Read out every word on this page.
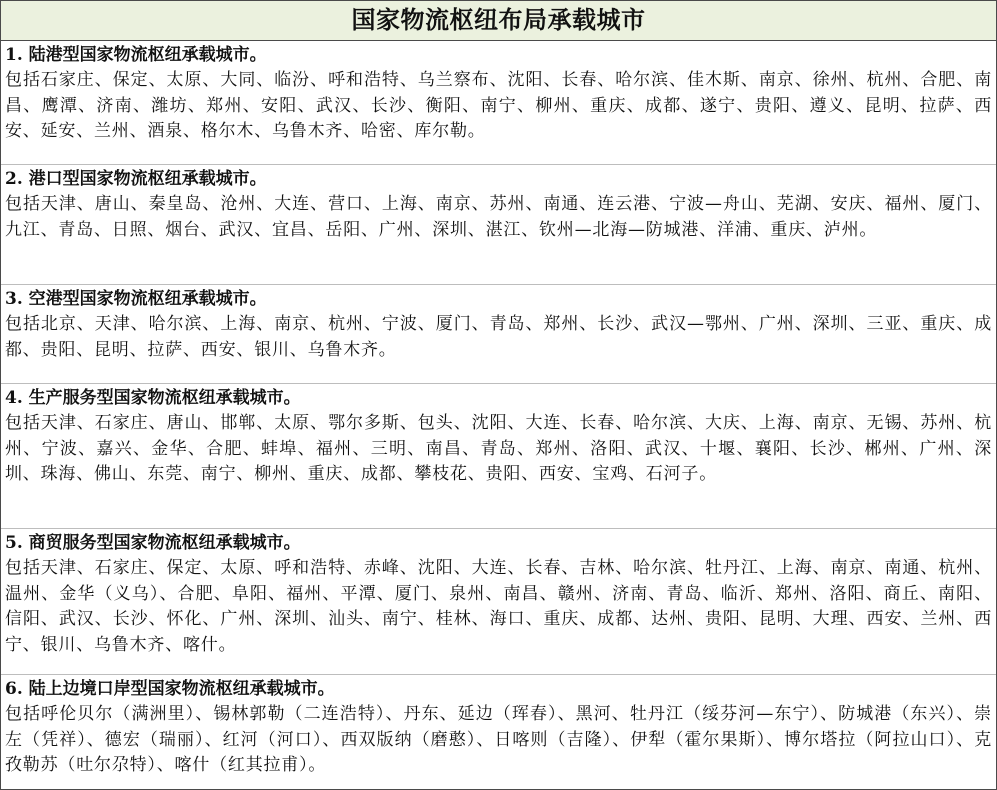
国家物流枢纽布局承载城市
1. 陆港型国家物流枢纽承载城市。
包括石家庄、保定、太原、大同、临汾、呼和浩特、乌兰察布、沈阳、长春、哈尔滨、佳木斯、南京、徐州、杭州、合肥、南昌、鹰潭、济南、潍坊、郑州、安阳、武汉、长沙、衡阳、南宁、柳州、重庆、成都、遂宁、贵阳、遵义、昆明、拉萨、西安、延安、兰州、酒泉、格尔木、乌鲁木齐、哈密、库尔勒。
2. 港口型国家物流枢纽承载城市。
包括天津、唐山、秦皇岛、沧州、大连、营口、上海、南京、苏州、南通、连云港、宁波—舟山、芜湖、安庆、福州、厦门、九江、青岛、日照、烟台、武汉、宜昌、岳阳、广州、深圳、湛江、钦州—北海—防城港、洋浦、重庆、泸州。
3. 空港型国家物流枢纽承载城市。
包括北京、天津、哈尔滨、上海、南京、杭州、宁波、厦门、青岛、郑州、长沙、武汉—鄂州、广州、深圳、三亚、重庆、成都、贵阳、昆明、拉萨、西安、银川、乌鲁木齐。
4. 生产服务型国家物流枢纽承载城市。
包括天津、石家庄、唐山、邯郸、太原、鄂尔多斯、包头、沈阳、大连、长春、哈尔滨、大庆、上海、南京、无锡、苏州、杭州、宁波、嘉兴、金华、合肥、蚌埠、福州、三明、南昌、青岛、郑州、洛阳、武汉、十堰、襄阳、长沙、郴州、广州、深圳、珠海、佛山、东莞、南宁、柳州、重庆、成都、攀枝花、贵阳、西安、宝鸡、石河子。
5. 商贸服务型国家物流枢纽承载城市。
包括天津、石家庄、保定、太原、呼和浩特、赤峰、沈阳、大连、长春、吉林、哈尔滨、牡丹江、上海、南京、南通、杭州、温州、金华（义乌）、合肥、阜阳、福州、平潭、厦门、泉州、南昌、赣州、济南、青岛、临沂、郑州、洛阳、商丘、南阳、信阳、武汉、长沙、怀化、广州、深圳、汕头、南宁、桂林、海口、重庆、成都、达州、贵阳、昆明、大理、西安、兰州、西宁、银川、乌鲁木齐、喀什。
6. 陆上边境口岸型国家物流枢纽承载城市。
包括呼伦贝尔（满洲里）、锡林郭勒（二连浩特）、丹东、延边（珲春）、黑河、牡丹江（绥芬河—东宁）、防城港（东兴）、崇左（凭祥）、德宏（瑞丽）、红河（河口）、西双版纳（磨憨）、日喀则（吉隆）、伊犁（霍尔果斯）、博尔塔拉（阿拉山口）、克孜勒苏（吐尔尕特）、喀什（红其拉甫）。
